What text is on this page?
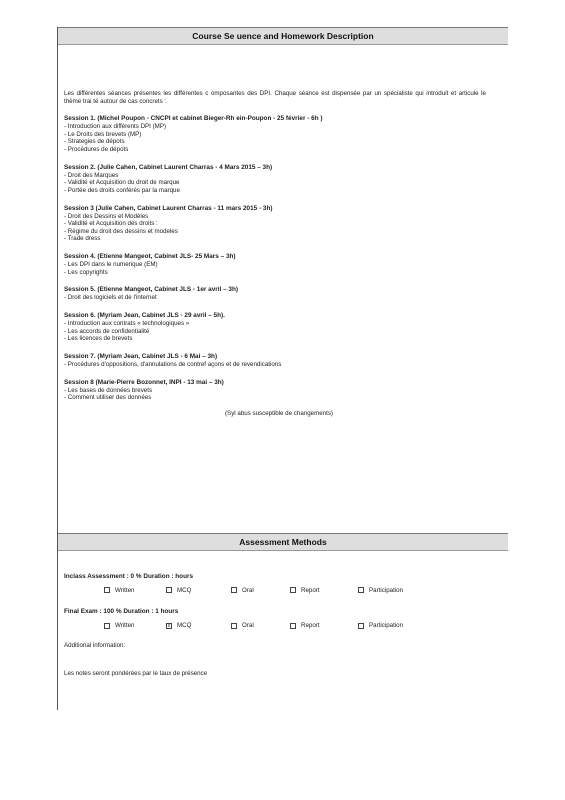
Course Se uence and Homework Description

Les différentes séances présentes les différentes c omposantes des DPI. Chaque séance est dispensée par un spécialiste qui introduit et articule le thème trai té autour de cas concrets :

Session 1. (Michel Poupon - CNCPI et cabinet Bieger-Rh ein-Poupon - 25 février - 6h )

- Introduction aux différents DPI (MP)

- Le Droits des brevets (MP)

- Strategies de dépots

- Procédures de dépots

Session 2. (Julie Cahen, Cabinet Laurent Charras - 4 Mars 2015 – 3h)

- Droit des Marques

- Validité et Acquisition du droit de marque

- Portée des droits conférés par la marque

Session 3 (Julie Cahen, Cabinet Laurent Charras - 11 mars 2015 - 3h)

- Droit des Dessins et Modèles

- Validité et Acquisition des droits :

- Régime du droit des dessins et modeles

- Trade dress

Session 4. (Etienne Mangeot, Cabinet JLS- 25 Mars – 3h)

- Les DPI dans le numerique (EM)

- Les copyrights

Session 5. (Etienne Mangeot, Cabinet JLS - 1er avril – 3h)

- Droit des logiciels et de l'internet

Session 6. (Myriam Jean, Cabinet JLS - 29 avril – 5h).

- Introduction aux contrats « technologiques »

- Les accords de confidentialité

- Les licences de brevets

Session 7. (Myriam Jean, Cabinet JLS - 6 Mai – 3h)

- Procédures d'oppositions, d'annulations de contref açons et de revendications

Session 8 (Marie-Pierre Bozonnet, INPI - 13 mai – 3h)

- Les bases de données brevets

- Comment utiliser des données

(Syl abus susceptible de changements)

Assessment Methods

Inclass Assessment : 0 % Duration : hours

Written	MCQ	Oral	Report	Participation

Final Exam : 100 % Duration : 1 hours

Written
x	MCQ	Oral	Report	Participation

Additional information:

Les notes seront pondérées par le taux de présence
